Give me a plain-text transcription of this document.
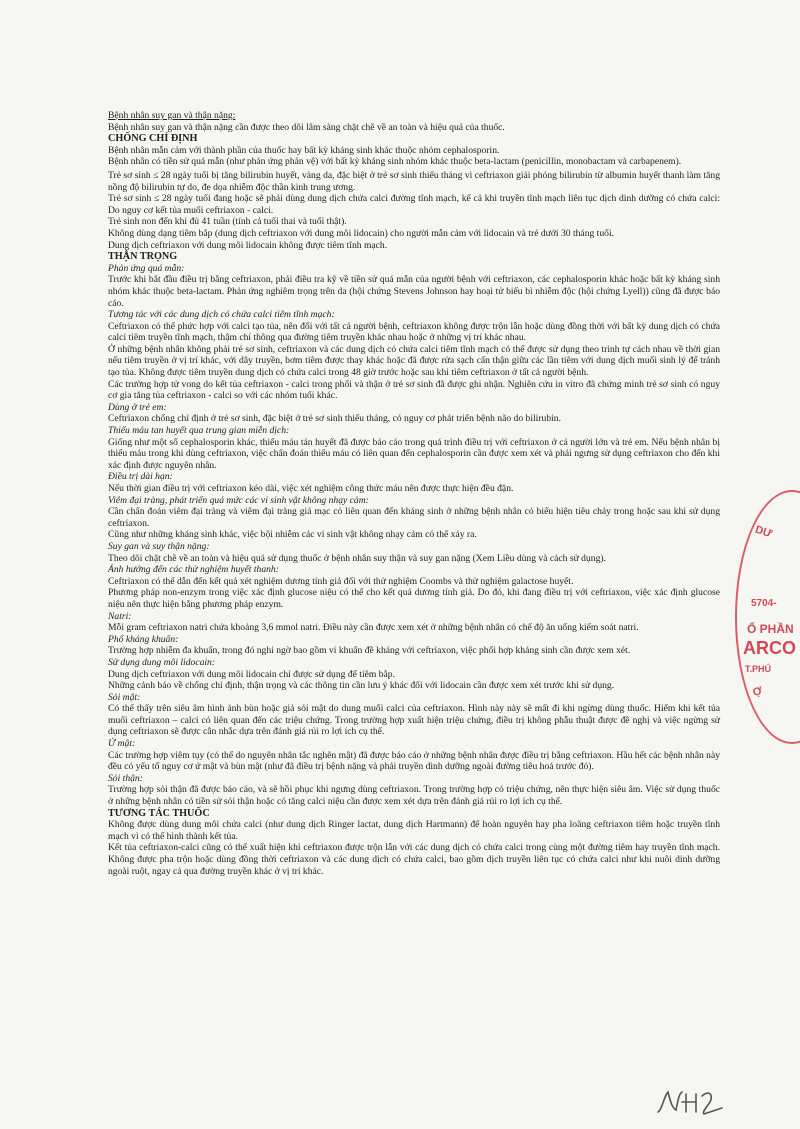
Bệnh nhân suy gan và thận nặng:

Bệnh nhân suy gan và thận nặng cần được theo dõi lâm sàng chặt chẽ về an toàn và hiệu quả của thuốc.

CHỐNG CHỈ ĐỊNH

Bệnh nhân mẫn cảm với thành phần của thuốc hay bất kỳ kháng sinh khác thuộc nhóm cephalosporin.

Bệnh nhân có tiền sử quá mẫn (như phản ứng phản vệ) với bất kỳ kháng sinh nhóm khác thuộc beta-lactam (penicillin, monobactam và carbapenem).

Trẻ sơ sinh ≤ 28 ngày tuổi bị tăng bilirubin huyết, vàng da, đặc biệt ở trẻ sơ sinh thiếu tháng vì ceftriaxon giải phóng bilirubin từ albumin huyết thanh làm tăng nồng độ bilirubin tự do, đe dọa nhiễm độc thần kinh trung ương.

Trẻ sơ sinh ≤ 28 ngày tuổi đang hoặc sẽ phải dùng dung dịch chứa calci đường tĩnh mạch, kể cả khi truyền tĩnh mạch liên tục dịch dinh dưỡng có chứa calci: Do nguy cơ kết tủa muối ceftriaxon - calci.

Trẻ sinh non đến khi đủ 41 tuần (tính cả tuổi thai và tuổi thật).

Không dùng dạng tiêm bắp (dung dịch ceftriaxon với dung môi lidocain) cho người mẫn cảm với lidocain và trẻ dưới 30 tháng tuổi.

Dung dịch ceftriaxon với dung môi lidocain không được tiêm tĩnh mạch.

THẬN TRỌNG

Phản ứng quá mẫn:

Trước khi bắt đầu điều trị bằng ceftriaxon, phải điều tra kỹ về tiền sử quá mẫn của người bệnh với ceftriaxon, các cephalosporin khác hoặc bất kỳ kháng sinh nhóm khác thuộc beta-lactam. Phản ứng nghiêm trọng trên da (hội chứng Stevens Johnson hay hoại tử biểu bì nhiễm độc (hội chứng Lyell)) cũng đã được báo cáo.

Tương tác với các dung dịch có chứa calci tiêm tĩnh mạch:

Ceftriaxon có thể phức hợp với calci tạo tủa, nên đối với tất cả người bệnh, ceftriaxon không được trộn lẫn hoặc dùng đồng thời với bất kỳ dung dịch có chứa calci tiêm truyền tĩnh mạch, thậm chí thông qua đường tiêm truyền khác nhau hoặc ở những vị trí khác nhau.

Ở những bệnh nhân không phải trẻ sơ sinh, ceftriaxon và các dung dịch có chứa calci tiêm tĩnh mạch có thể được sử dụng theo trình tự cách nhau về thời gian nếu tiêm truyền ở vị trí khác, với dây truyền, bơm tiêm được thay khác hoặc đã được rửa sạch cẩn thận giữa các lần tiêm với dung dịch muối sinh lý để tránh tạo tủa. Không được tiêm truyền dung dịch có chứa calci trong 48 giờ trước hoặc sau khi tiêm ceftriaxon ở tất cả người bệnh.

Các trường hợp tử vong do kết tủa ceftriaxon - calci trong phổi và thận ở trẻ sơ sinh đã được ghi nhận. Nghiên cứu in vitro đã chứng minh trẻ sơ sinh có nguy cơ gia tăng tủa ceftriaxon - calci so với các nhóm tuổi khác.

Dùng ở trẻ em:

Ceftriaxon chống chỉ định ở trẻ sơ sinh, đặc biệt ở trẻ sơ sinh thiếu tháng, có nguy cơ phát triển bệnh não do bilirubin.

Thiếu máu tan huyết qua trung gian miễn dịch:

Giống như một số cephalosporin khác, thiếu máu tán huyết đã được báo cáo trong quá trình điều trị với ceftriaxon ở cả người lớn và trẻ em. Nếu bệnh nhân bị thiếu máu trong khi dùng ceftriaxon, việc chẩn đoán thiếu máu có liên quan đến cephalosporin cần được xem xét và phải ngưng sử dụng ceftriaxon cho đến khi xác định được nguyên nhân.

Điều trị dài hạn:

Nếu thời gian điều trị với ceftriaxon kéo dài, việc xét nghiệm công thức máu nên được thực hiện đều đặn.

Viêm đại tràng, phát triển quá mức các vi sinh vật không nhạy cảm:

Cần chẩn đoán viêm đại tràng và viêm đại tràng giả mạc có liên quan đến kháng sinh ở những bệnh nhân có biểu hiện tiêu chảy trong hoặc sau khi sử dụng ceftriaxon.

Cũng như những kháng sinh khác, việc bội nhiễm các vi sinh vật không nhạy cảm có thể xảy ra.

Suy gan và suy thận nặng:

Theo dõi chặt chẽ về an toàn và hiệu quả sử dụng thuốc ở bệnh nhân suy thận và suy gan nặng (Xem Liều dùng và cách sử dụng).

Ảnh hưởng đến các thử nghiệm huyết thanh:

Ceftriaxon có thể dẫn đến kết quả xét nghiệm dương tính giả đối với thử nghiệm Coombs và thử nghiệm galactose huyết.

Phương pháp non-enzym trong việc xác định glucose niệu có thể cho kết quả dương tính giả. Do đó, khi đang điều trị với ceftriaxon, việc xác định glucose niệu nên thực hiện bằng phương pháp enzym.

Natri:

Mỗi gram ceftriaxon natri chứa khoảng 3,6 mmol natri. Điều này cần được xem xét ở những bệnh nhân có chế độ ăn uống kiểm soát natri.

Phổ kháng khuẩn:

Trường hợp nhiễm đa khuẩn, trong đó nghi ngờ bao gồm vi khuẩn đề kháng với ceftriaxon, việc phối hợp kháng sinh cần được xem xét.

Sử dụng dung môi lidocain:

Dung dịch ceftriaxon với dung môi lidocain chỉ được sử dụng để tiêm bắp.

Những cảnh báo về chống chỉ định, thận trọng và các thông tin cần lưu ý khác đối với lidocain cần được xem xét trước khi sử dụng.

Sỏi mật:

Có thể thấy trên siêu âm hình ảnh bùn hoặc giả sỏi mật do dung muối calci của ceftriaxon. Hình này này sẽ mất đi khi ngừng dùng thuốc. Hiếm khi kết tủa muối ceftriaxon – calci có liên quan đến các triệu chứng. Trong trường hợp xuất hiện triệu chứng, điều trị không phẫu thuật được đề nghị và việc ngừng sử dụng ceftriaxon sẽ được cân nhắc dựa trên đánh giá rủi ro lợi ích cụ thể.

Ứ mật:

Các trường hợp viêm tụy (có thể do nguyên nhân tắc nghẽn mật) đã được báo cáo ở những bệnh nhân được điều trị bằng ceftriaxon. Hầu hết các bệnh nhân này đều có yếu tố nguy cơ ứ mật và bùn mật (như đã điều trị bệnh nặng và phải truyền dinh dưỡng ngoài đường tiêu hoá trước đó).

Sỏi thận:

Trường hợp sỏi thận đã được báo cáo, và sẽ hồi phục khi ngưng dùng ceftriaxon. Trong trường hợp có triệu chứng, nên thực hiện siêu âm. Việc sử dụng thuốc ở những bệnh nhân có tiền sử sỏi thận hoặc có tăng calci niệu cần được xem xét dựa trên đánh giá rủi ro lợi ích cụ thể.

TƯƠNG TÁC THUỐC

Không được dùng dung môi chứa calci (như dung dịch Ringer lactat, dung dịch Hartmann) để hoàn nguyên hay pha loãng ceftriaxon tiêm hoặc truyền tĩnh mạch vì có thể hình thành kết tủa.

Kết tủa ceftriaxon-calci cũng có thể xuất hiện khi ceftriaxon được trộn lẫn với các dung dịch có chứa calci trong cùng một đường tiêm hay truyền tĩnh mạch. Không được pha trộn hoặc dùng đồng thời ceftriaxon và các dung dịch có chứa calci, bao gồm dịch truyền liên tục có chứa calci như khi nuôi dinh dưỡng ngoài ruột, ngay cả qua đường truyền khác ở vị trí khác.

DƯ
5704-
Ổ PHẦN
ARCO
T.PHÚ
Ợ
